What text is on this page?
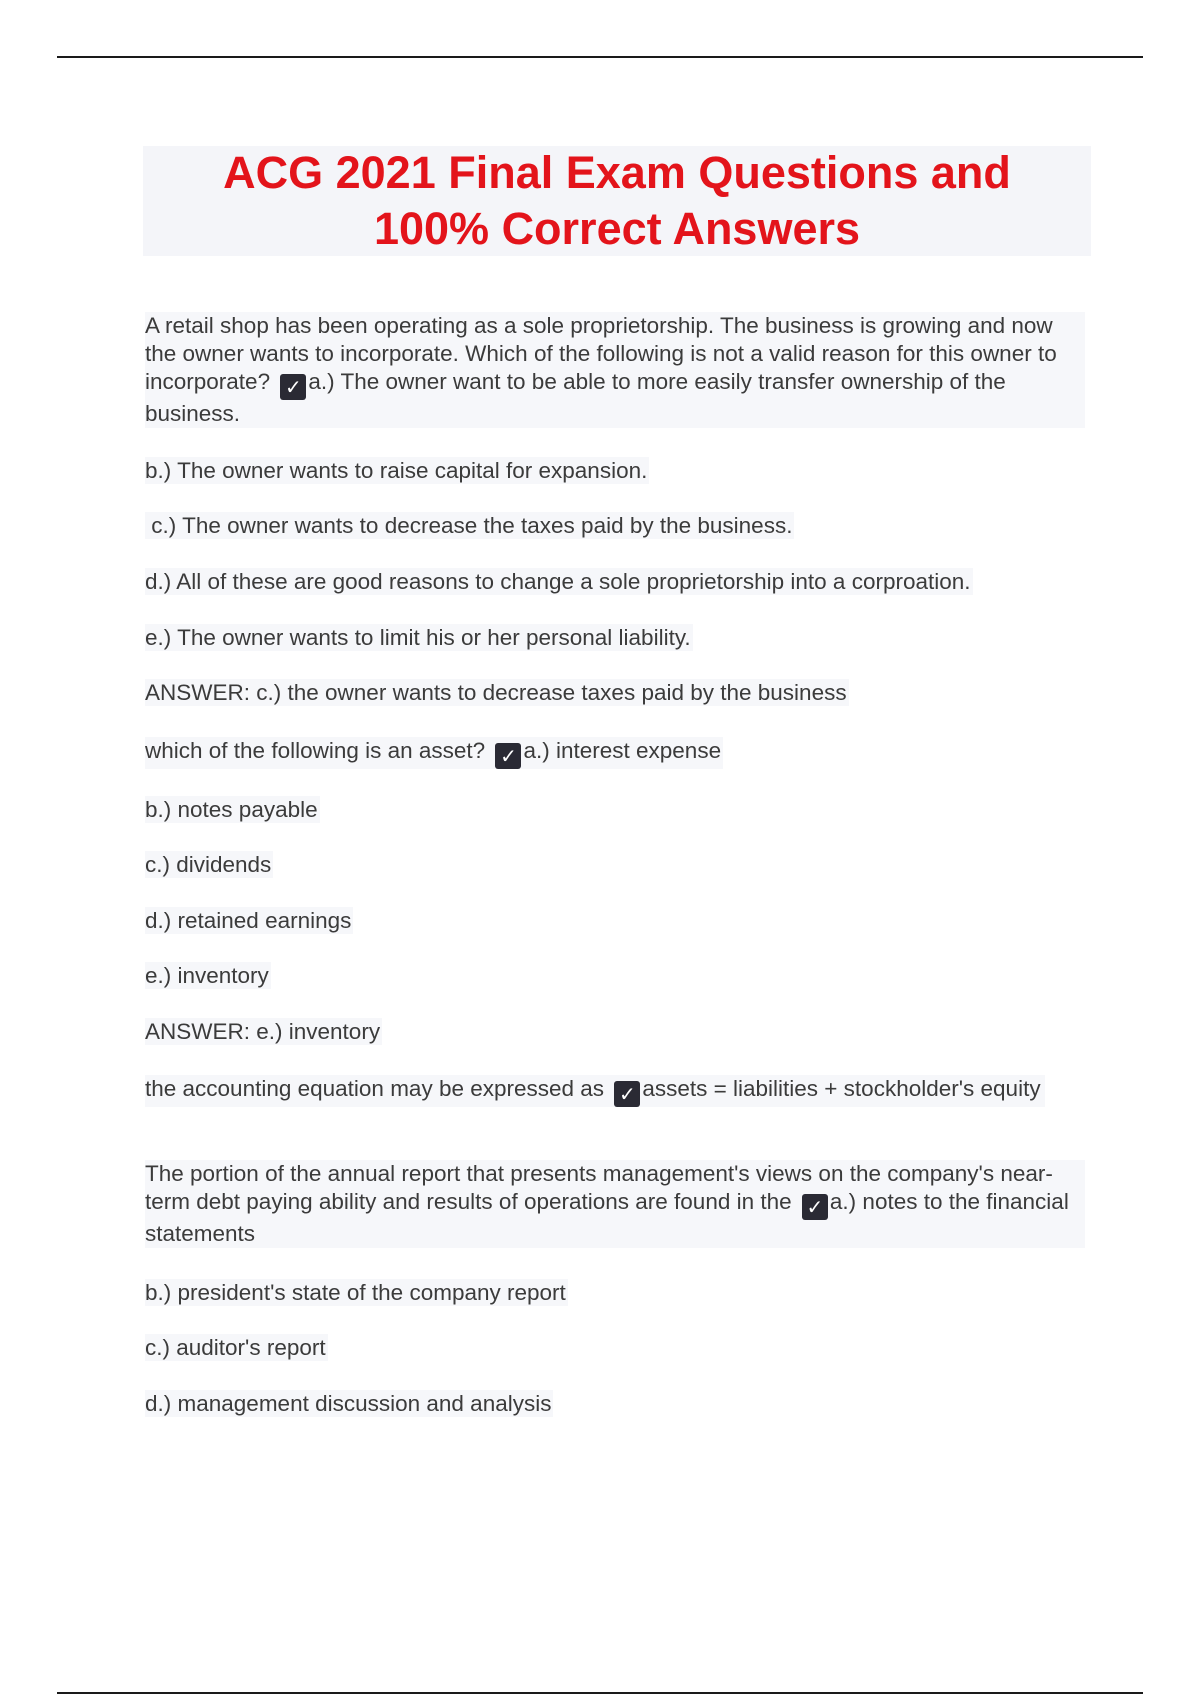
ACG 2021 Final Exam Questions and 100% Correct Answers
A retail shop has been operating as a sole proprietorship. The business is growing and now the owner wants to incorporate. Which of the following is not a valid reason for this owner to incorporate? ✓ a.) The owner want to be able to more easily transfer ownership of the business.
b.) The owner wants to raise capital for expansion.
c.) The owner wants to decrease the taxes paid by the business.
d.) All of these are good reasons to change a sole proprietorship into a corproation.
e.) The owner wants to limit his or her personal liability.
ANSWER: c.) the owner wants to decrease taxes paid by the business
which of the following is an asset? ✓ a.) interest expense
b.) notes payable
c.) dividends
d.) retained earnings
e.) inventory
ANSWER: e.) inventory
the accounting equation may be expressed as ✓ assets = liabilities + stockholder's equity
The portion of the annual report that presents management's views on the company's near-term debt paying ability and results of operations are found in the ✓ a.) notes to the financial statements
b.) president's state of the company report
c.) auditor's report
d.) management discussion and analysis
